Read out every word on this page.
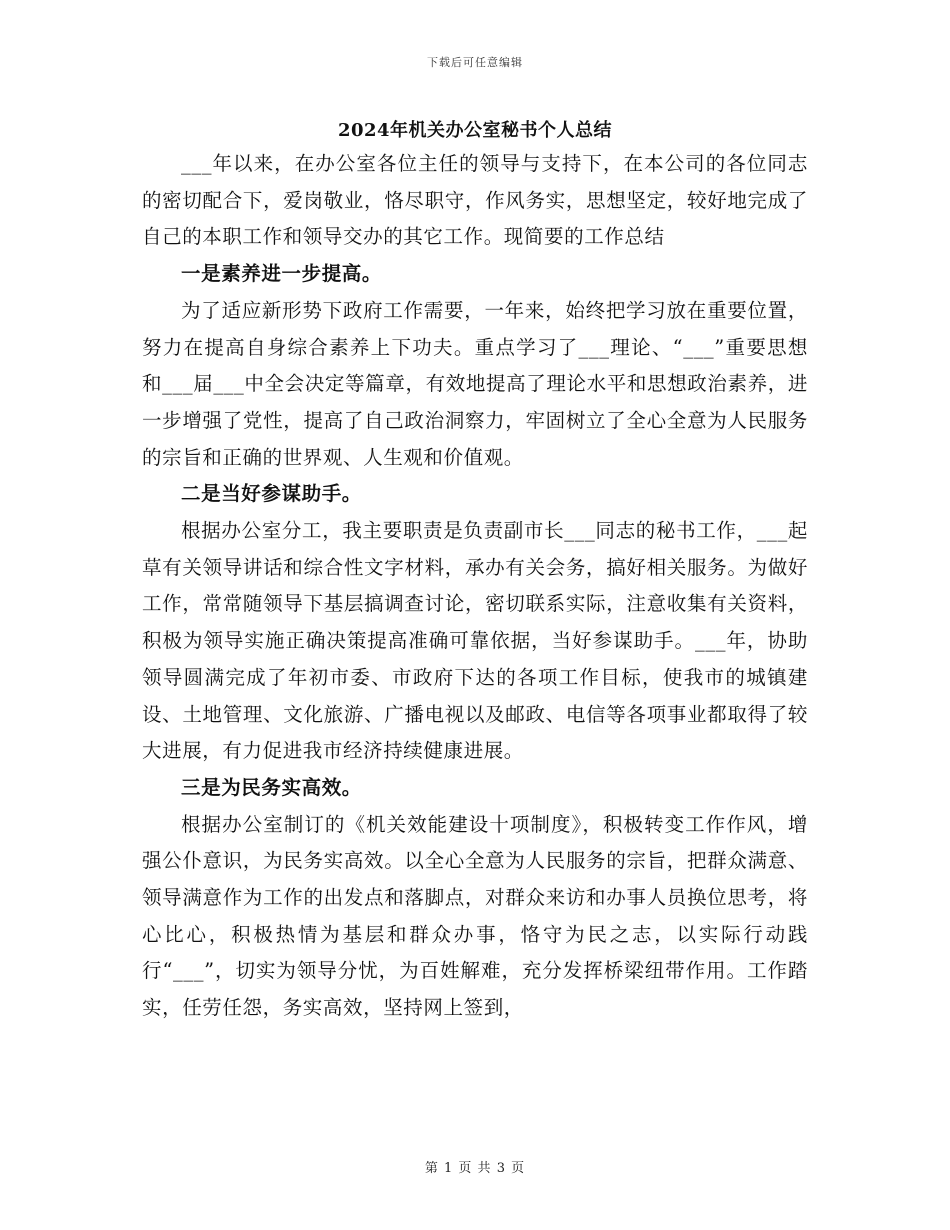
下载后可任意编辑
2024年机关办公室秘书个人总结

___年以来，在办公室各位主任的领导与支持下，在本公司的各位同志的密切配合下，爱岗敬业，恪尽职守，作风务实，思想坚定，较好地完成了自己的本职工作和领导交办的其它工作。现简要的工作总结

一是素养进一步提高。

为了适应新形势下政府工作需要，一年来，始终把学习放在重要位置，努力在提高自身综合素养上下功夫。重点学习了___理论、“___”重要思想和___届___中全会决定等篇章，有效地提高了理论水平和思想政治素养，进一步增强了党性，提高了自己政治洞察力，牢固树立了全心全意为人民服务的宗旨和正确的世界观、人生观和价值观。

二是当好参谋助手。

根据办公室分工，我主要职责是负责副市长___同志的秘书工作，___起草有关领导讲话和综合性文字材料，承办有关会务，搞好相关服务。为做好工作，常常随领导下基层搞调查讨论，密切联系实际，注意收集有关资料，积极为领导实施正确决策提高准确可靠依据，当好参谋助手。___年，协助领导圆满完成了年初市委、市政府下达的各项工作目标，使我市的城镇建设、土地管理、文化旅游、广播电视以及邮政、电信等各项事业都取得了较大进展，有力促进我市经济持续健康进展。

三是为民务实高效。

根据办公室制订的《机关效能建设十项制度》，积极转变工作作风，增强公仆意识，为民务实高效。以全心全意为人民服务的宗旨，把群众满意、领导满意作为工作的出发点和落脚点，对群众来访和办事人员换位思考，将心比心，积极热情为基层和群众办事，恪守为民之志，以实际行动践行“___”，切实为领导分忧，为百姓解难，充分发挥桥梁纽带作用。工作踏实，任劳任怨，务实高效，坚持网上签到，

第 1 页 共 3 页
